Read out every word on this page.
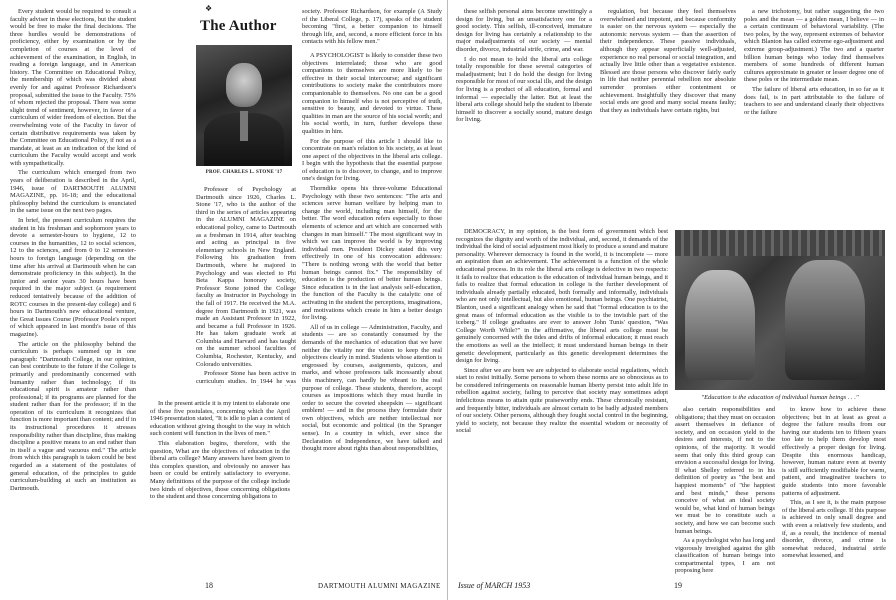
❖

Every student would be required to consult a faculty adviser in these elections, but the student would be free to make the final decisions. The three hurdles would be demonstrations of proficiency, either by examination or by the completion of courses at the level of achievement of the examination, in English, in reading a foreign language, and in American history. The Committee on Educational Policy, the membership of which was divided about evenly for and against Professor Richardson's proposal, submitted the issue to the Faculty. 75% of whom rejected the proposal. There was some slight trend of sentiment, however, in favor of a curriculum of wider freedom of election. But the overwhelming vote of the Faculty in favor of certain distributive requirements was taken by the Committee on Educational Policy, if not as a mandate, at least as an indication of the kind of curriculum the Faculty would accept and work with sympathetically.

The curriculum which emerged from two years of deliberation is described in the April, 1946, issue of DARTMOUTH ALUMNI MAGAZINE, pp. 16-18; and the educational philosophy behind the curriculum is enunciated in the same issue on the next two pages.

In brief, the present curriculum requires the student in his freshman and sophomore years to devote a semester-hours to hygiene, 12 to courses in the humanities, 12 to social sciences, 12 to the sciences, and from 0 to 12 semester-hours to foreign language (depending on the time after his arrival at Dartmouth when he can demonstrate proficiency in this subject). In the junior and senior years 30 hours have been required in the major subject (a requirement reduced tentatively because of the addition of ROTC courses in the present-day college) and 6 hours in Dartmouth's new educational venture, the Great Issues Course (Professor Poole's report of which appeared in last month's issue of this magazine).

The article on the philosophy behind the curriculum is perhaps summed up in one paragraph: "Dartmouth College, in our opinion, can best contribute to the future if the College is primarily and predominantly concerned with humanity rather than technology; if its educational spirit is amateur rather than professional; if its programs are planned for the student rather than for the professor; if in the operation of its curriculum it recognizes that function is more important than content; and if in its instructional procedures it stresses responsibility rather than discipline, thus making discipline a positive means to an end rather than in itself a vague and vacuous end." The article from which this paragraph is taken could be best regarded as a statement of the postulates of general education, of the principles to guide curriculum-building at such an institution as Dartmouth.

The Author
PROF. CHARLES L. STONE '17

Professor of Psychology at Dartmouth since 1926, Charles L. Stone '17, who is the author of the third in the series of articles appearing in the ALUMNI MAGAZINE on educational policy, came to Dartmouth as a freshman in 1914, after teaching and acting as principal in five elementary schools in New England. Following his graduation from Dartmouth, where he majored in Psychology and was elected to Phi Beta Kappa honorary society, Professor Stone joined the College faculty as Instructor in Psychology in the fall of 1917. He received the M.A. degree from Dartmouth in 1921, was made an Assistant Professor in 1922, and became a full Professor in 1926. He has taken graduate work at Columbia and Harvard and has taught on the summer school faculties of Columbia, Rochester, Kentucky, and Colorado universities.

Professor Stone has been active in curriculum studies. In 1944 he was

In the present article it is my intent to elaborate one of these five postulates, concerning which the April 1946 presentation stated, "It is idle to plan a content of education without giving thought to the way in which such content will function in the lives of men."

This elaboration begins, therefore, with the question, What are the objectives of education in the liberal arts college? Many answers have been given to this complex question, and obviously no answer has been or could be entirely satisfactory to everyone. Many definitions of the purpose of the college include two kinds of objectives, those concerning obligations to the student and those concerning obligations to

society. Professor Richardson, for example (A Study of the Liberal College, p. 17), speaks of the student becoming "first, a better companion to himself through life, and, second, a more efficient force in his contacts with his fellow men."

A PSYCHOLOGIST is likely to consider these two objectives interrelated; those who are good companions to themselves are more likely to be effective in their social intercourse; and significant contributions to society make the contributors more companionable to themselves. No one can be a good companion to himself who is not perceptive of truth, sensitive to beauty, and devoted to virtue. These qualities in man are the source of his social worth; and his social worth, in turn, further develops these qualities in him.

For the purpose of this article I should like to concentrate on man's relation to his society, as at least one aspect of the objectives in the liberal arts college. I begin with the hypothesis that the essential purpose of education is to discover, to change, and to improve one's design for living.

Thorndike opens his three-volume Educational Psychology with these two sentences: "The arts and sciences serve human welfare by helping man to change the world, including man himself, for the better. The word education refers especially to those elements of science and art which are concerned with changes in man himself." The most significant way in which we can improve the world is by improving individual men. President Dickey stated this very effectively in one of his convocation addresses: "There is nothing wrong with the world that better human beings cannot fix." The responsibility of education is the production of better human beings. Since education is in the last analysis self-education, the function of the Faculty is the catalytic one of activating in the student the perceptions, imaginations, and motivations which create in him a better design for living.

All of us in college — Administration, Faculty, and students — are so constantly consumed by the demands of the mechanics of education that we have neither the vitality nor the vision to keep the real objectives clearly in mind. Students whose attention is engrossed by courses, assignments, quizzes, and marks, and whose professors talk incessantly about this machinery, can hardly be vibrant to the real purpose of college. These students, therefore, accept courses as impositions which they must hurdle in order to secure the coveted sheepskin — significant emblem! — and in the process they formulate their own objectives, which are neither intellectual nor social, but economic and political (in the Spranger sense). In a country in which, ever since the Declaration of Independence, we have talked and thought more about rights than about responsibilities,

18	DARTMOUTH ALUMNI MAGAZINE

these selfish personal aims become unwittingly a design for living, but an unsatisfactory one for a good society. This selfish, ill-conceived, immature design for living has certainly a relationship to the major maladjustments of our society — mental disorder, divorce, industrial strife, crime, and war.

I do not mean to hold the liberal arts college totally responsible for these several categories of maladjustment; but I do hold the design for living responsible for most of our social ills, and the design for living is a product of all education, formal and informal — especially the latter. But at least the liberal arts college should help the student to liberate himself to discover a socially sound, mature design for living.

regulation, but because they feel themselves overwhelmed and impotent, and because conformity is easier on the nervous system — especially the autonomic nervous system — than the assertion of their independence. These passive individuals, although they appear superficially well-adjusted, experience no real personal or social integration, and actually live little other than a vegetative existence. Blessed are those persons who discover fairly early in life that neither perennial rebellion nor absolute surrender promises either contentment or achievement. Insightfully they discover that many social ends are good and many social means faulty; that they as individuals have certain rights, but

a new trichotomy, but rather suggesting the two poles and the mean — a golden mean, I believe — in a certain continuum of behavioral variability. (The two poles, by the way, represent extremes of behavior which Blanton has called extreme ego-adjustment and extreme group-adjustment.) The two and a quarter billion human beings who today find themselves members of some hundreds of different human cultures approximate in greater or lesser degree one of these poles or the intermediate mean.

The failure of liberal arts education, in so far as it does fail, is in part attributable to the failure of teachers to see and understand clearly their objectives or the failure

DEMOCRACY, in my opinion, is the best form of government which best recognizes the dignity and worth of the individual, and, second, it demands of the individual the kind of social adjustment most likely to produce a sound and mature personality. Wherever democracy is found in the world, it is incomplete — more an aspiration than an achievement. The achievement is a function of the whole educational process. In its role the liberal arts college is defective in two respects: it fails to realize that education is the education of individual human beings, and it fails to realize that formal education in college is the further development of individuals already partially educated, both formally and informally, individuals who are not only intellectual, but also emotional, human beings. One psychiatrist, Blanton, used a significant analogy when he said that "formal education is to the great mass of informal education as the visible is to the invisible part of the iceberg." If college graduates are ever to answer John Tunis' question, "Was College Worth While?" in the affirmative, the liberal arts college must be genuinely concerned with the tides and drifts of informal education; it must reach the emotions as well as the intellect; it must understand human beings in their genetic development, particularly as this genetic development determines the design for living.

Since after we are born we are subjected to elaborate social regulations, which start to resist initially. Some persons to whom these norms are so obnoxious as to be considered infringements on reasonable human liberty persist into adult life in rebellion against society, failing to perceive that society may sometimes adopt infelicitous means to attain quite praiseworthy ends. These chronically resistant, and frequently bitter, individuals are almost certain to be badly adjusted members of our society. Other persons, although they fought social control in the beginning, yield to society, not because they realize the essential wisdom or necessity of social

"Education is the education of individual human beings . . ."

also certain responsibilities and obligations; that they must on occasion assert themselves in defiance of society, and on occasion yield to the desires and interests, if not to the opinions, of the majority. It would seem that only this third group can envision a successful design for living. If what Shelley referred to in his definition of poetry as "the best and happiest moments" of "the happiest and best minds," these persons conceive of what an ideal society would be, what kind of human beings we must be to constitute such a society, and how we can become such human beings.

As a psychologist who has long and vigorously inveighed against the glib classification of human beings into compartmental types, I am not proposing here

to know how to achieve these objectives; but in at least as great a degree the failure results from our having our students ten to fifteen years too late to help them develop most effectively a proper design for living. Despite this enormous handicap, however, human nature even at twenty is still sufficiently modifiable for warm, patient, and imaginative teachers to guide students into more favorable patterns of adjustment.

This, as I see it, is the main purpose of the liberal arts college. If this purpose is achieved in only small degree and with even a relatively few students, and if, as a result, the incidence of mental disorder, divorce, and crime is somewhat reduced, industrial strife somewhat lessened, and

Issue of MARCH 1953	19
